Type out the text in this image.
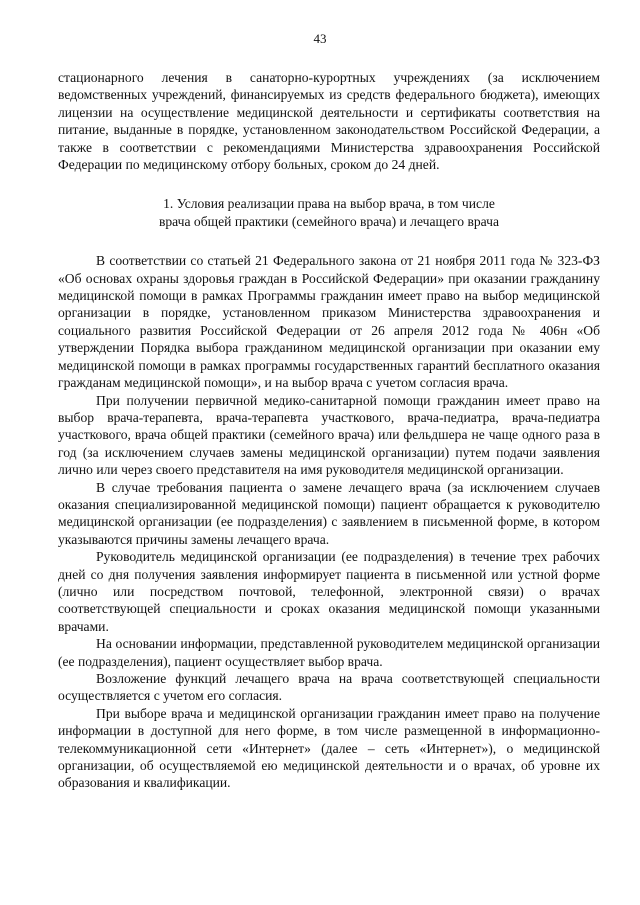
43

стационарного лечения в санаторно-курортных учреждениях (за исключением ведомственных учреждений, финансируемых из средств федерального бюджета), имеющих лицензии на осуществление медицинской деятельности и сертификаты соответствия на питание, выданные в порядке, установленном законодательством Российской Федерации, а также в соответствии с рекомендациями Министерства здравоохранения Российской Федерации по медицинскому отбору больных, сроком до 24 дней.

1. Условия реализации права на выбор врача, в том числе
врача общей практики (семейного врача) и лечащего врача

В соответствии со статьей 21 Федерального закона от 21 ноября 2011 года № 323-ФЗ «Об основах охраны здоровья граждан в Российской Федерации» при оказании гражданину медицинской помощи в рамках Программы гражданин имеет право на выбор медицинской организации в порядке, установленном приказом Министерства здравоохранения и социального развития Российской Федерации от 26 апреля 2012 года № 406н «Об утверждении Порядка выбора гражданином медицинской организации при оказании ему медицинской помощи в рамках программы государственных гарантий бесплатного оказания гражданам медицинской помощи», и на выбор врача с учетом согласия врача.

При получении первичной медико-санитарной помощи гражданин имеет право на выбор врача-терапевта, врача-терапевта участкового, врача-педиатра, врача-педиатра участкового, врача общей практики (семейного врача) или фельдшера не чаще одного раза в год (за исключением случаев замены медицинской организации) путем подачи заявления лично или через своего представителя на имя руководителя медицинской организации.

В случае требования пациента о замене лечащего врача (за исключением случаев оказания специализированной медицинской помощи) пациент обращается к руководителю медицинской организации (ее подразделения) с заявлением в письменной форме, в котором указываются причины замены лечащего врача.

Руководитель медицинской организации (ее подразделения) в течение трех рабочих дней со дня получения заявления информирует пациента в письменной или устной форме (лично или посредством почтовой, телефонной, электронной связи) о врачах соответствующей специальности и сроках оказания медицинской помощи указанными врачами.

На основании информации, представленной руководителем медицинской организации (ее подразделения), пациент осуществляет выбор врача.

Возложение функций лечащего врача на врача соответствующей специальности осуществляется с учетом его согласия.

При выборе врача и медицинской организации гражданин имеет право на получение информации в доступной для него форме, в том числе размещенной в информационно-телекоммуникационной сети «Интернет» (далее – сеть «Интернет»), о медицинской организации, об осуществляемой ею медицинской деятельности и о врачах, об уровне их образования и квалификации.
